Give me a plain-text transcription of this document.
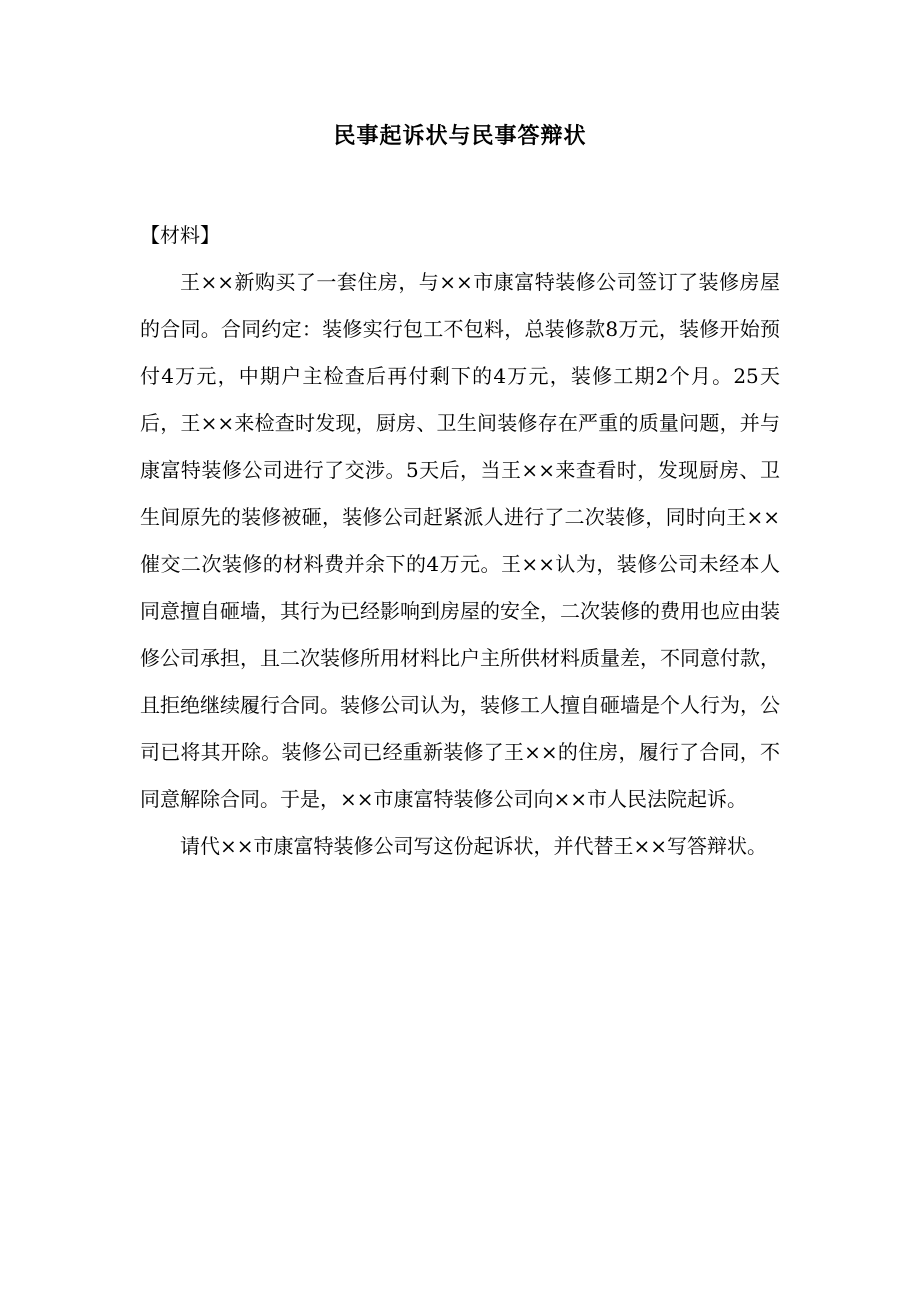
民事起诉状与民事答辩状

【材料】

王××新购买了一套住房，与××市康富特装修公司签订了装修房屋的合同。合同约定：装修实行包工不包料，总装修款8万元，装修开始预付4万元，中期户主检查后再付剩下的4万元，装修工期2个月。25天后，王××来检查时发现，厨房、卫生间装修存在严重的质量问题，并与康富特装修公司进行了交涉。5天后，当王××来查看时，发现厨房、卫生间原先的装修被砸，装修公司赶紧派人进行了二次装修，同时向王××催交二次装修的材料费并余下的4万元。王××认为，装修公司未经本人同意擅自砸墙，其行为已经影响到房屋的安全，二次装修的费用也应由装修公司承担，且二次装修所用材料比户主所供材料质量差，不同意付款，且拒绝继续履行合同。装修公司认为，装修工人擅自砸墙是个人行为，公司已将其开除。装修公司已经重新装修了王××的住房，履行了合同，不同意解除合同。于是，××市康富特装修公司向××市人民法院起诉。

请代××市康富特装修公司写这份起诉状，并代替王××写答辩状。
